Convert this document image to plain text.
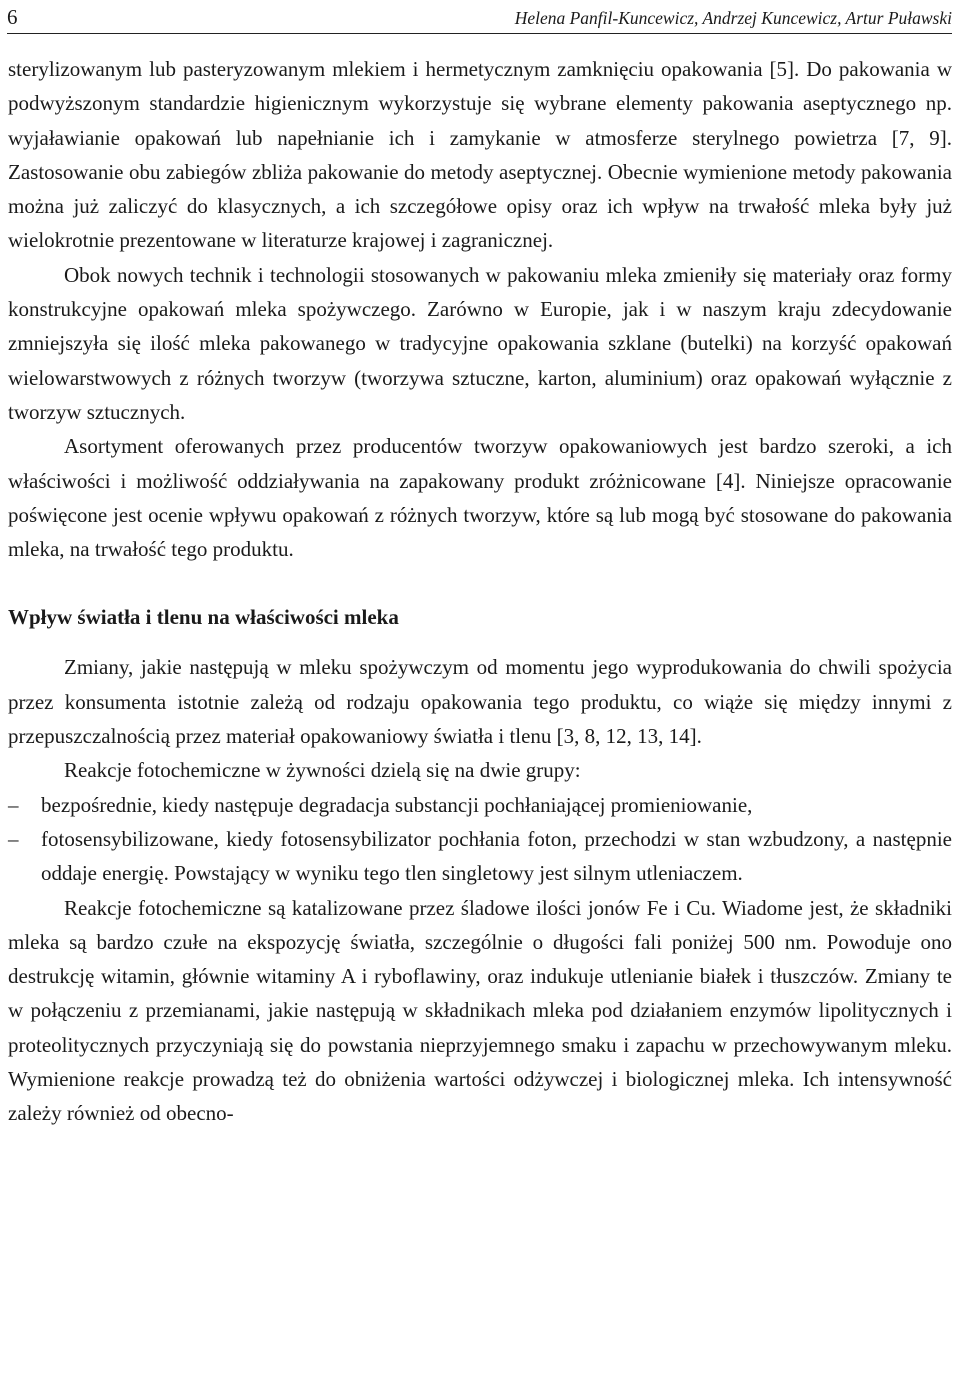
6	Helena Panfil-Kuncewicz, Andrzej Kuncewicz, Artur Puławski

sterylizowanym lub pasteryzowanym mlekiem i hermetycznym zamknięciu opakowania [5]. Do pakowania w podwyższonym standardzie higienicznym wykorzystuje się wybrane elementy pakowania aseptycznego np. wyjaławianie opakowań lub napełnianie ich i zamykanie w atmosferze sterylnego powietrza [7, 9]. Zastosowanie obu zabiegów zbliża pakowanie do metody aseptycznej. Obecnie wymienione metody pakowania można już zaliczyć do klasycznych, a ich szczegółowe opisy oraz ich wpływ na trwałość mleka były już wielokrotnie prezentowane w literaturze krajowej i zagranicznej.

Obok nowych technik i technologii stosowanych w pakowaniu mleka zmieniły się materiały oraz formy konstrukcyjne opakowań mleka spożywczego. Zarówno w Europie, jak i w naszym kraju zdecydowanie zmniejszyła się ilość mleka pakowanego w tradycyjne opakowania szklane (butelki) na korzyść opakowań wielowarstwowych z różnych tworzyw (tworzywa sztuczne, karton, aluminium) oraz opakowań wyłącznie z tworzyw sztucznych.

Asortyment oferowanych przez producentów tworzyw opakowaniowych jest bardzo szeroki, a ich właściwości i możliwość oddziaływania na zapakowany produkt zróżnicowane [4]. Niniejsze opracowanie poświęcone jest ocenie wpływu opakowań z różnych tworzyw, które są lub mogą być stosowane do pakowania mleka, na trwałość tego produktu.

Wpływ światła i tlenu na właściwości mleka

Zmiany, jakie następują w mleku spożywczym od momentu jego wyprodukowania do chwili spożycia przez konsumenta istotnie zależą od rodzaju opakowania tego produktu, co wiąże się między innymi z przepuszczalnością przez materiał opakowaniowy światła i tlenu [3, 8, 12, 13, 14].

Reakcje fotochemiczne w żywności dzielą się na dwie grupy:

– bezpośrednie, kiedy następuje degradacja substancji pochłaniającej promieniowanie,
– fotosensybilizowane, kiedy fotosensybilizator pochłania foton, przechodzi w stan wzbudzony, a następnie oddaje energię. Powstający w wyniku tego tlen singletowy jest silnym utleniaczem.

Reakcje fotochemiczne są katalizowane przez śladowe ilości jonów Fe i Cu. Wiadome jest, że składniki mleka są bardzo czułe na ekspozycję światła, szczególnie o długości fali poniżej 500 nm. Powoduje ono destrukcję witamin, głównie witaminy A i ryboflawiny, oraz indukuje utlenianie białek i tłuszczów. Zmiany te w połączeniu z przemianami, jakie następują w składnikach mleka pod działaniem enzymów lipolitycznych i proteolitycznych przyczyniają się do powstania nieprzyjemnego smaku i zapachu w przechowywanym mleku. Wymienione reakcje prowadzą też do obniżenia wartości odżywczej i biologicznej mleka. Ich intensywność zależy również od obecno-
